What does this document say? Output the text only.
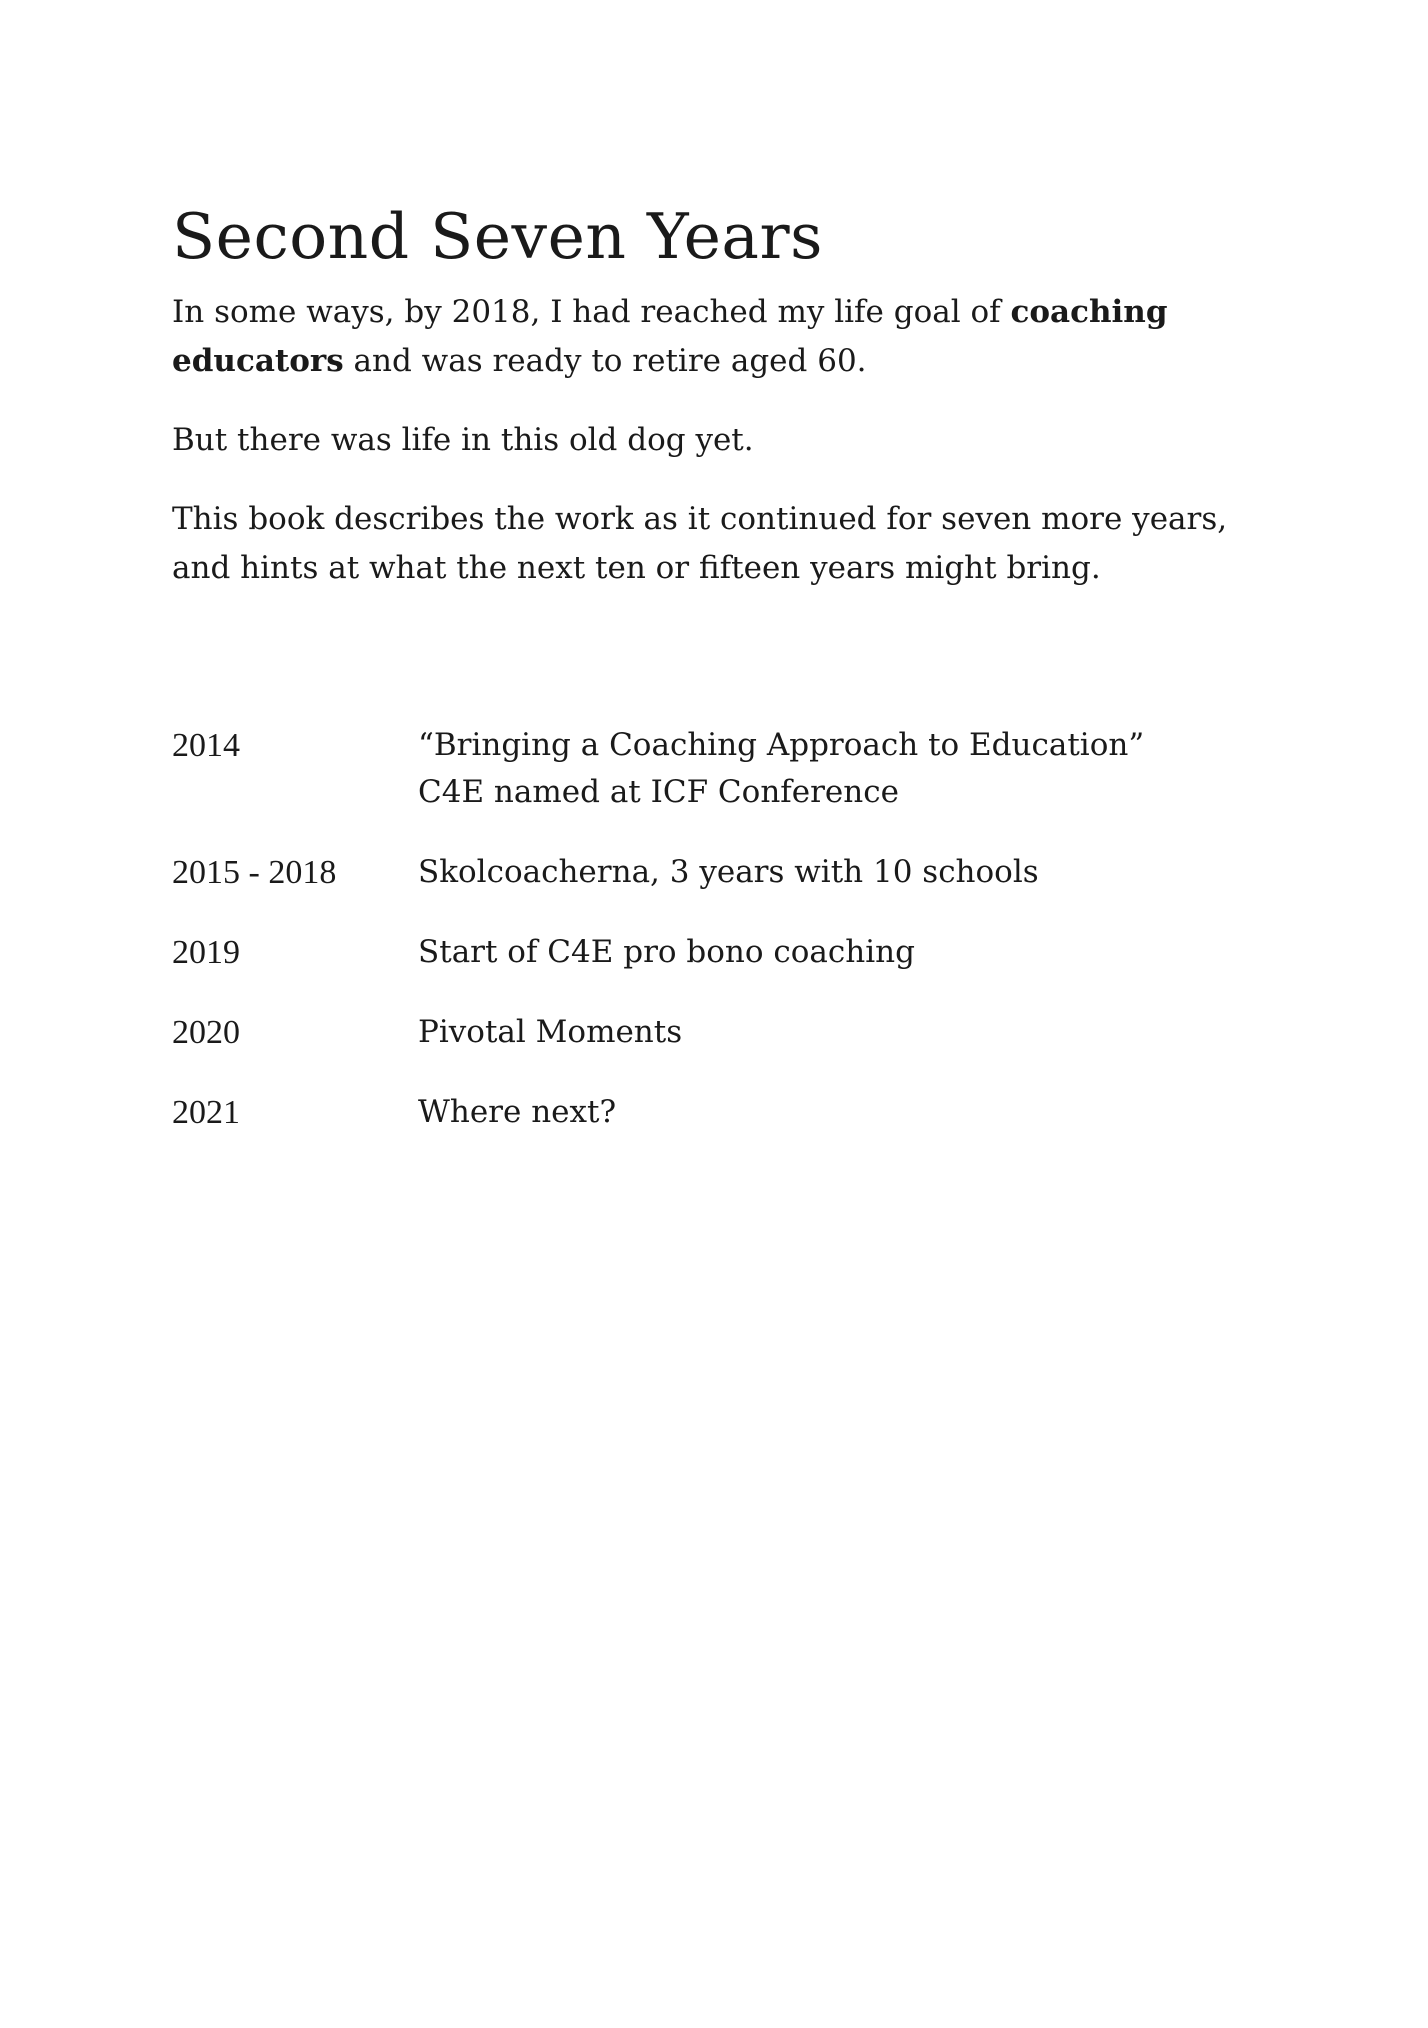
Second Seven Years

In some ways, by 2018, I had reached my life goal of coaching educators and was ready to retire aged 60.

But there was life in this old dog yet.

This book describes the work as it continued for seven more years, and hints at what the next ten or fifteen years might bring.

2014	“Bringing a Coaching Approach to Education”
C4E named at ICF Conference
2015 - 2018	Skolcoacherna, 3 years with 10 schools
2019	Start of C4E pro bono coaching
2020	Pivotal Moments
2021	Where next?
